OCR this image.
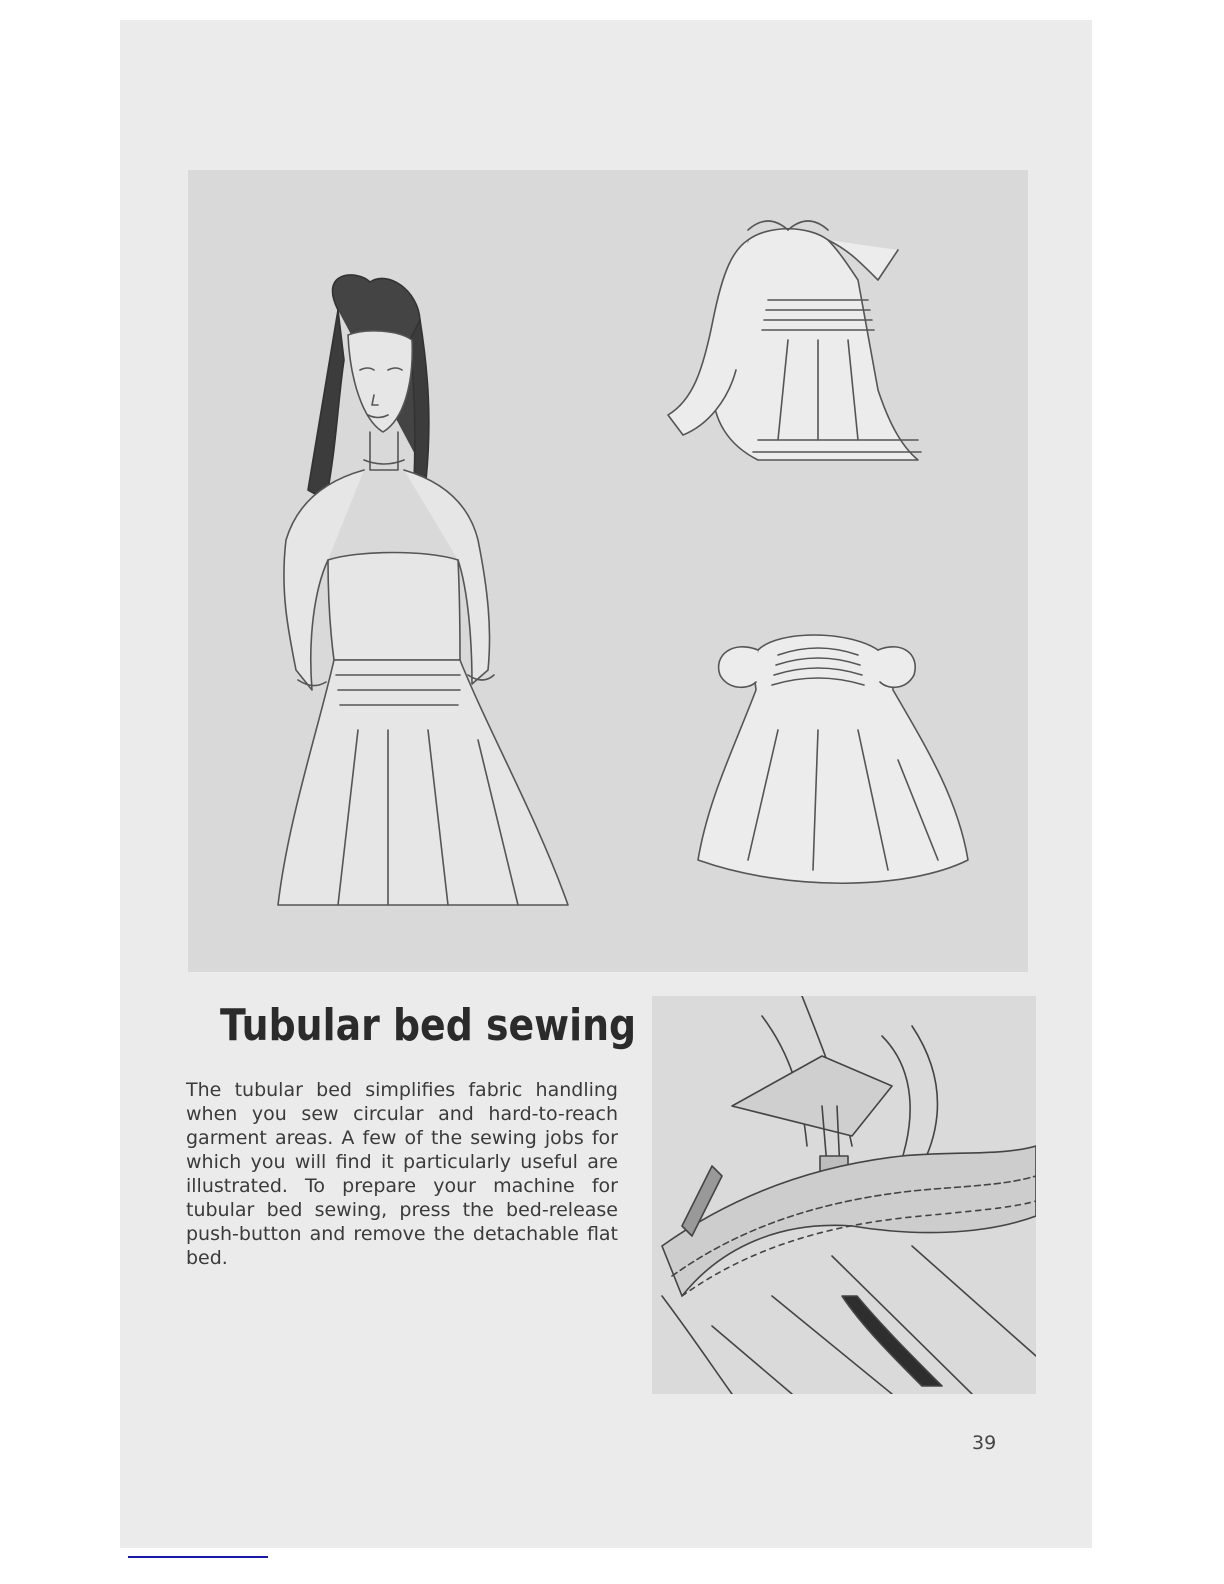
Tubular bed sewing
The tubular bed simplifies fabric handling when you sew circular and hard-to-reach garment areas. A few of the sewing jobs for which you will find it particularly useful are illustrated. To prepare your machine for tubular bed sewing, press the bed-release push-button and remove the detachable flat bed.
39
